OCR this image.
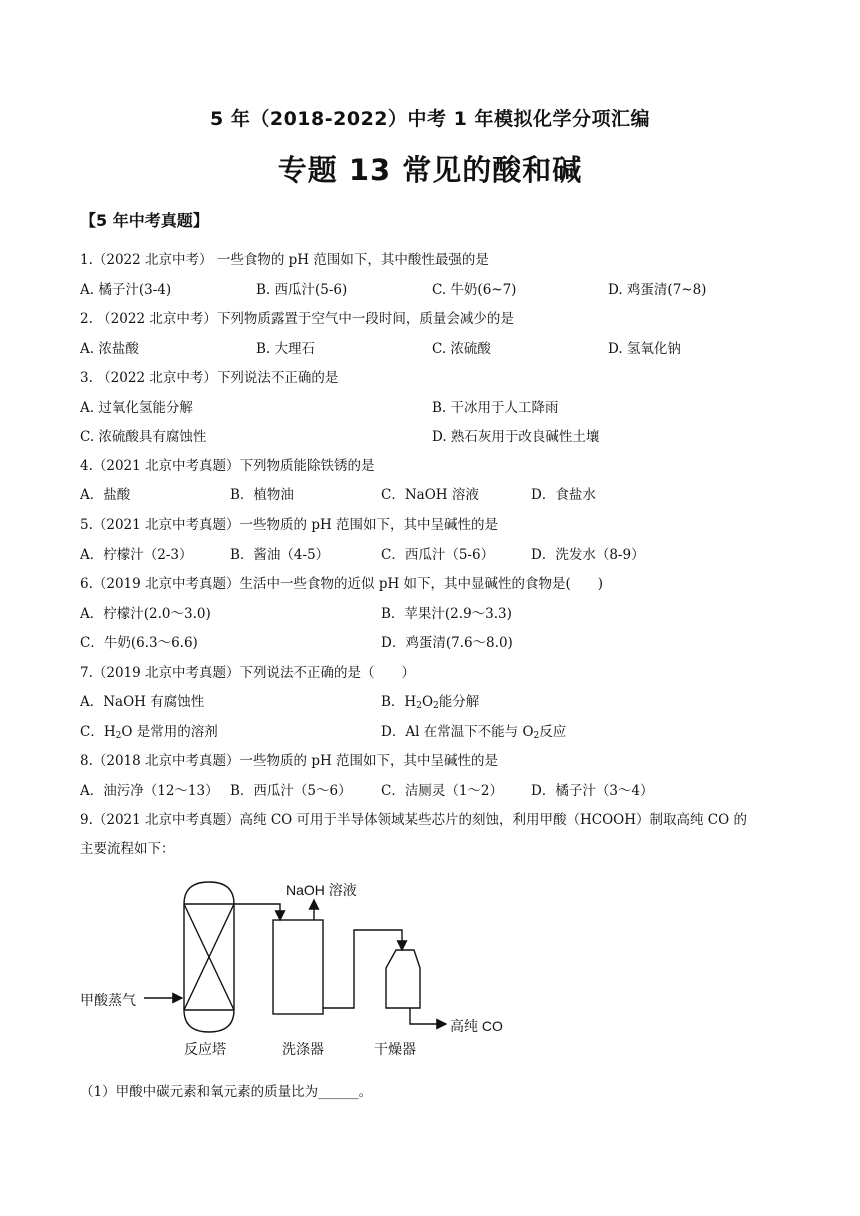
5 年（2018-2022）中考 1 年模拟化学分项汇编
专题 13 常见的酸和碱
【5 年中考真题】
1.（2022 北京中考） 一些食物的 pH 范围如下，其中酸性最强的是
A. 橘子汁(3-4)	B. 西瓜汁(5-6)	C. 牛奶(6~7)	D. 鸡蛋清(7~8)
2. （2022 北京中考）下列物质露置于空气中一段时间，质量会减少的是
A. 浓盐酸	B. 大理石	C. 浓硫酸	D. 氢氧化钠
3. （2022 北京中考）下列说法不正确的是
A. 过氧化氢能分解	B. 干冰用于人工降雨
C. 浓硫酸具有腐蚀性	D. 熟石灰用于改良碱性土壤
4.（2021 北京中考真题）下列物质能除铁锈的是
A．盐酸	B．植物油	C．NaOH 溶液	D．食盐水
5.（2021 北京中考真题）一些物质的 pH 范围如下，其中呈碱性的是
A．柠檬汁（2-3）	B．酱油（4-5）	C．西瓜汁（5-6）	D．洗发水（8-9）
6.（2019 北京中考真题）生活中一些食物的近似 pH 如下，其中显碱性的食物是(　　)
A．柠檬汁(2.0～3.0)	B．苹果汁(2.9～3.3)
C．牛奶(6.3～6.6)	D．鸡蛋清(7.6～8.0)
7.（2019 北京中考真题）下列说法不正确的是（　　）
A．NaOH 有腐蚀性	B．$H_2O_2$能分解
C．$H_2O$ 是常用的溶剂	D．Al 在常温下不能与 $O_2$反应
8.（2018 北京中考真题）一些物质的 pH 范围如下，其中呈碱性的是
A．油污净（12～13） B．西瓜汁（5～6） C．洁厕灵（1～2） D．橘子汁（3～4）
9.（2021 北京中考真题）高纯 CO 可用于半导体领域某些芯片的刻蚀，利用甲酸（HCOOH）制取高纯 CO 的
主要流程如下：
甲酸蒸气
反应塔	洗涤器	干燥器
NaOH 溶液
高纯 CO
（1）甲酸中碳元素和氧元素的质量比为______。
